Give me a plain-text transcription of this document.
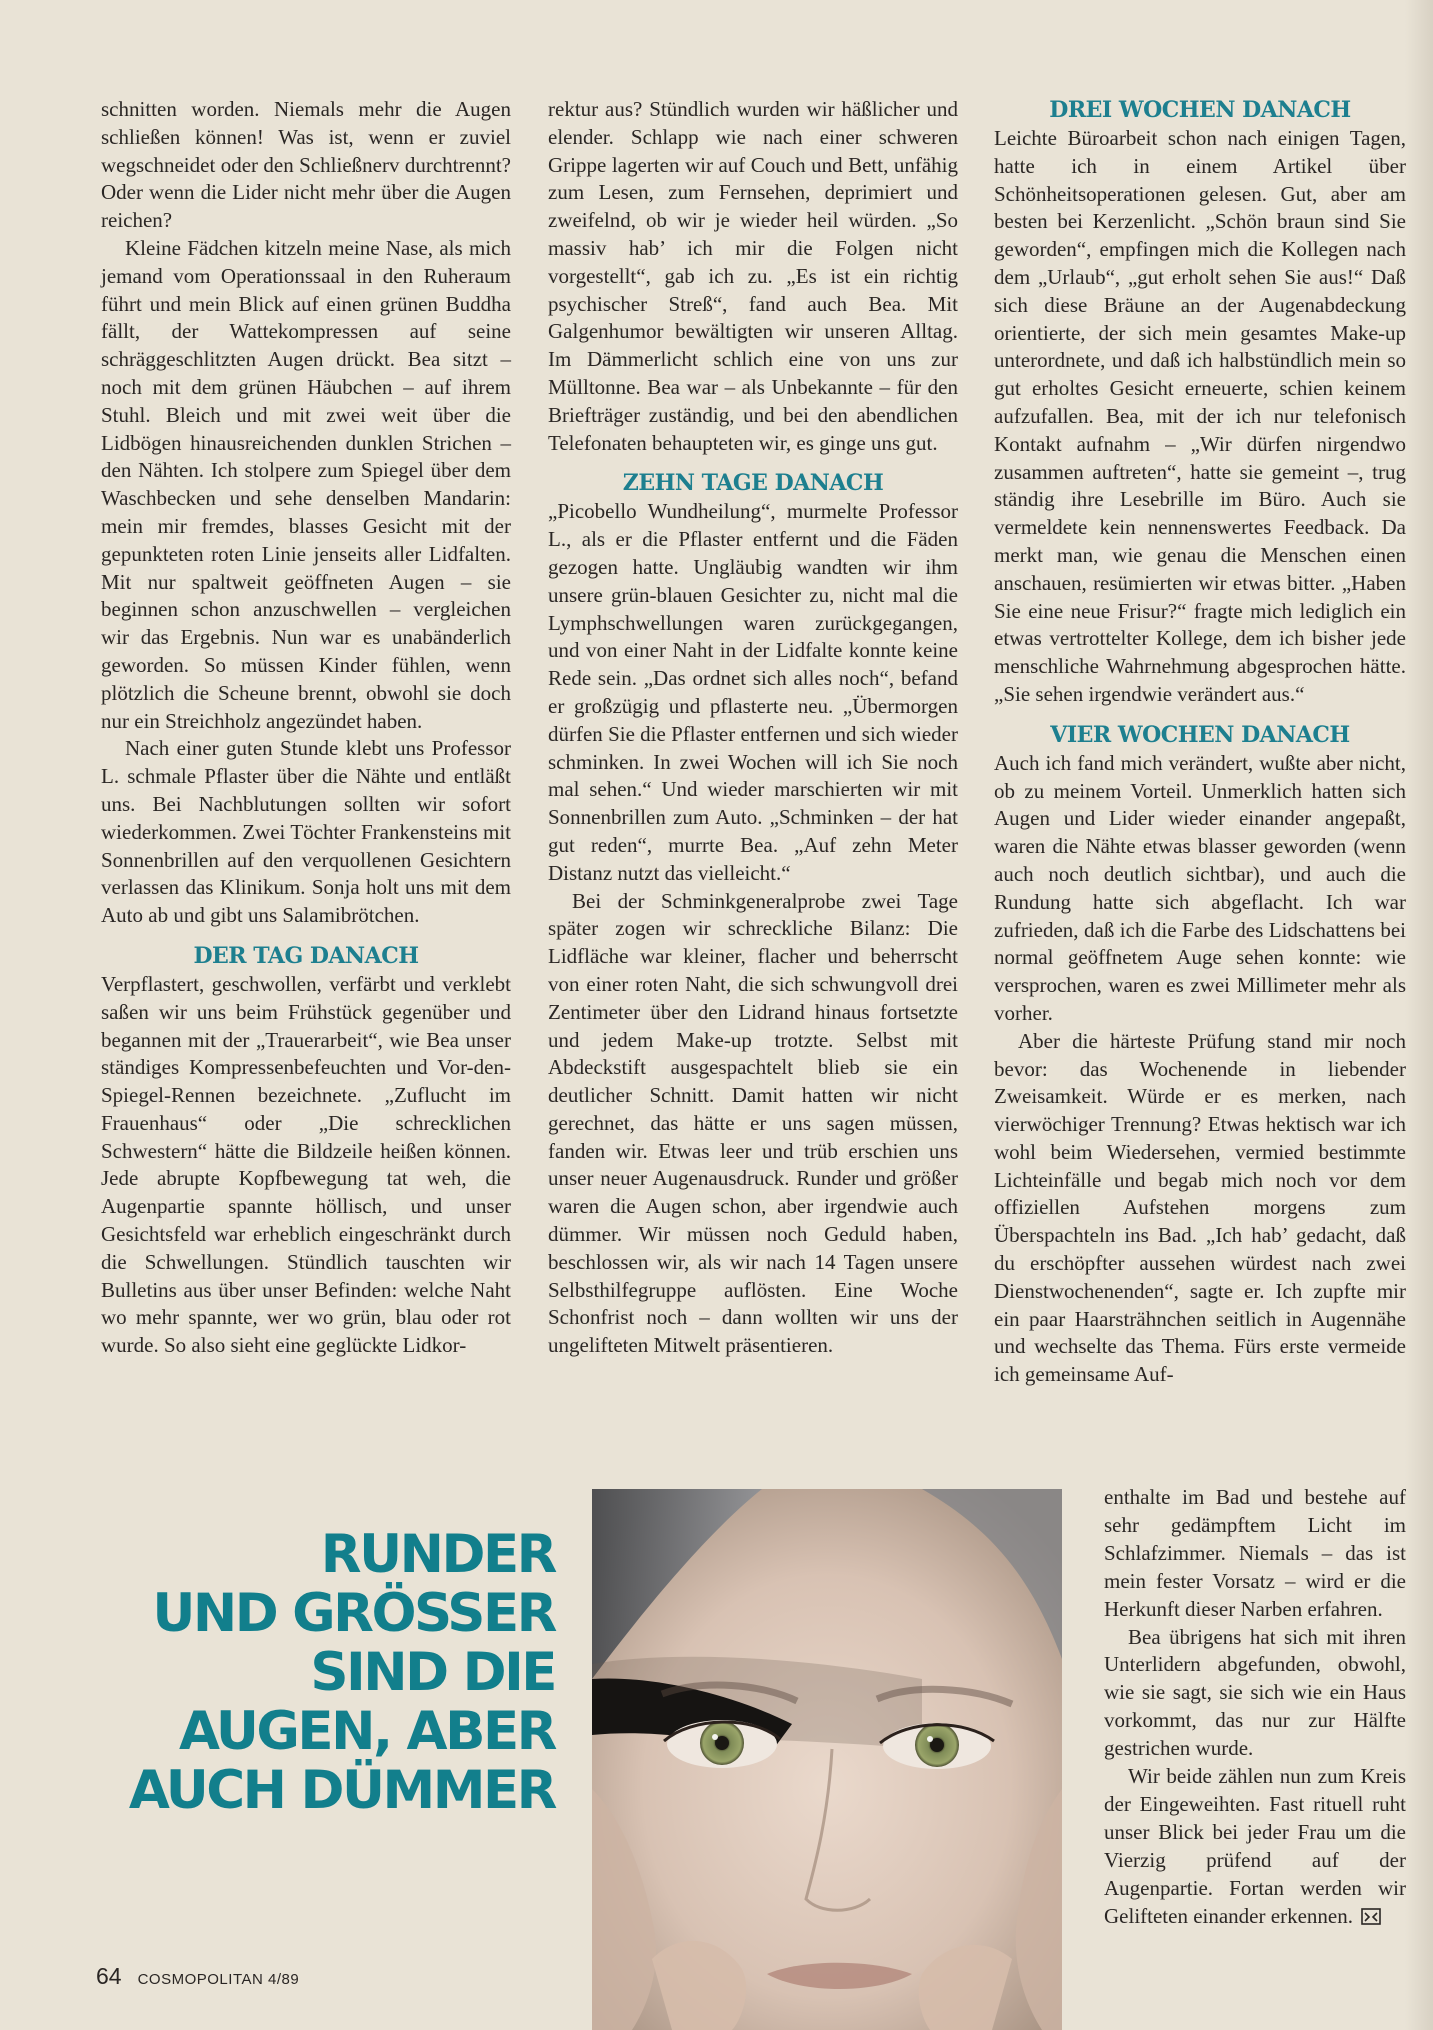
schnitten worden. Niemals mehr die Augen schließen können! Was ist, wenn er zuviel wegschneidet oder den Schließnerv durchtrennt? Oder wenn die Lider nicht mehr über die Augen reichen?

Kleine Fädchen kitzeln meine Nase, als mich jemand vom Operationssaal in den Ruheraum führt und mein Blick auf einen grünen Buddha fällt, der Wattekompressen auf seine schräggeschlitzten Augen drückt. Bea sitzt – noch mit dem grünen Häubchen – auf ihrem Stuhl. Bleich und mit zwei weit über die Lidbögen hinausreichenden dunklen Strichen – den Nähten. Ich stolpere zum Spiegel über dem Waschbecken und sehe denselben Mandarin: mein mir fremdes, blasses Gesicht mit der gepunkteten roten Linie jenseits aller Lidfalten. Mit nur spaltweit geöffneten Augen – sie beginnen schon anzuschwellen – vergleichen wir das Ergebnis. Nun war es unabänderlich geworden. So müssen Kinder fühlen, wenn plötzlich die Scheune brennt, obwohl sie doch nur ein Streichholz angezündet haben.

Nach einer guten Stunde klebt uns Professor L. schmale Pflaster über die Nähte und entläßt uns. Bei Nachblutungen sollten wir sofort wiederkommen. Zwei Töchter Frankensteins mit Sonnenbrillen auf den verquollenen Gesichtern verlassen das Klinikum. Sonja holt uns mit dem Auto ab und gibt uns Salamibrötchen.

DER TAG DANACH

Verpflastert, geschwollen, verfärbt und verklebt saßen wir uns beim Frühstück gegenüber und begannen mit der „Trauerarbeit“, wie Bea unser ständiges Kompressenbefeuchten und Vor-den-Spiegel-Rennen bezeichnete. „Zuflucht im Frauenhaus“ oder „Die schrecklichen Schwestern“ hätte die Bildzeile heißen können. Jede abrupte Kopfbewegung tat weh, die Augenpartie spannte höllisch, und unser Gesichtsfeld war erheblich eingeschränkt durch die Schwellungen. Stündlich tauschten wir Bulletins aus über unser Befinden: welche Naht wo mehr spannte, wer wo grün, blau oder rot wurde. So also sieht eine geglückte Lidkor-

rektur aus? Stündlich wurden wir häßlicher und elender. Schlapp wie nach einer schweren Grippe lagerten wir auf Couch und Bett, unfähig zum Lesen, zum Fernsehen, deprimiert und zweifelnd, ob wir je wieder heil würden. „So massiv hab’ ich mir die Folgen nicht vorgestellt“, gab ich zu. „Es ist ein richtig psychischer Streß“, fand auch Bea. Mit Galgenhumor bewältigten wir unseren Alltag. Im Dämmerlicht schlich eine von uns zur Mülltonne. Bea war – als Unbekannte – für den Briefträger zuständig, und bei den abendlichen Telefonaten behaupteten wir, es ginge uns gut.

ZEHN TAGE DANACH

„Picobello Wundheilung“, murmelte Professor L., als er die Pflaster entfernt und die Fäden gezogen hatte. Ungläubig wandten wir ihm unsere grün-blauen Gesichter zu, nicht mal die Lymphschwellungen waren zurückgegangen, und von einer Naht in der Lidfalte konnte keine Rede sein. „Das ordnet sich alles noch“, befand er großzügig und pflasterte neu. „Übermorgen dürfen Sie die Pflaster entfernen und sich wieder schminken. In zwei Wochen will ich Sie noch mal sehen.“ Und wieder marschierten wir mit Sonnenbrillen zum Auto. „Schminken – der hat gut reden“, murrte Bea. „Auf zehn Meter Distanz nutzt das vielleicht.“

Bei der Schminkgeneralprobe zwei Tage später zogen wir schreckliche Bilanz: Die Lidfläche war kleiner, flacher und beherrscht von einer roten Naht, die sich schwungvoll drei Zentimeter über den Lidrand hinaus fortsetzte und jedem Make-up trotzte. Selbst mit Abdeckstift ausgespachtelt blieb sie ein deutlicher Schnitt. Damit hatten wir nicht gerechnet, das hätte er uns sagen müssen, fanden wir. Etwas leer und trüb erschien uns unser neuer Augenausdruck. Runder und größer waren die Augen schon, aber irgendwie auch dümmer. Wir müssen noch Geduld haben, beschlossen wir, als wir nach 14 Tagen unsere Selbsthilfegruppe auflösten. Eine Woche Schonfrist noch – dann wollten wir uns der ungelifteten Mitwelt präsentieren.

DREI WOCHEN DANACH

Leichte Büroarbeit schon nach einigen Tagen, hatte ich in einem Artikel über Schönheitsoperationen gelesen. Gut, aber am besten bei Kerzenlicht. „Schön braun sind Sie geworden“, empfingen mich die Kollegen nach dem „Urlaub“, „gut erholt sehen Sie aus!“ Daß sich diese Bräune an der Augenabdeckung orientierte, der sich mein gesamtes Make-up unterordnete, und daß ich halbstündlich mein so gut erholtes Gesicht erneuerte, schien keinem aufzufallen. Bea, mit der ich nur telefonisch Kontakt aufnahm – „Wir dürfen nirgendwo zusammen auftreten“, hatte sie gemeint –, trug ständig ihre Lesebrille im Büro. Auch sie vermeldete kein nennenswertes Feedback. Da merkt man, wie genau die Menschen einen anschauen, resümierten wir etwas bitter. „Haben Sie eine neue Frisur?“ fragte mich lediglich ein etwas vertrottelter Kollege, dem ich bisher jede menschliche Wahrnehmung abgesprochen hätte. „Sie sehen irgendwie verändert aus.“

VIER WOCHEN DANACH

Auch ich fand mich verändert, wußte aber nicht, ob zu meinem Vorteil. Unmerklich hatten sich Augen und Lider wieder einander angepaßt, waren die Nähte etwas blasser geworden (wenn auch noch deutlich sichtbar), und auch die Rundung hatte sich abgeflacht. Ich war zufrieden, daß ich die Farbe des Lidschattens bei normal geöffnetem Auge sehen konnte: wie versprochen, waren es zwei Millimeter mehr als vorher.

Aber die härteste Prüfung stand mir noch bevor: das Wochenende in liebender Zweisamkeit. Würde er es merken, nach vierwöchiger Trennung? Etwas hektisch war ich wohl beim Wiedersehen, vermied bestimmte Lichteinfälle und begab mich noch vor dem offiziellen Aufstehen morgens zum Überspachteln ins Bad. „Ich hab’ gedacht, daß du erschöpfter aussehen würdest nach zwei Dienstwochenenden“, sagte er. Ich zupfte mir ein paar Haarsträhnchen seitlich in Augennähe und wechselte das Thema. Fürs erste vermeide ich gemeinsame Auf-

enthalte im Bad und bestehe auf sehr gedämpftem Licht im Schlafzimmer. Niemals – das ist mein fester Vorsatz – wird er die Herkunft dieser Narben erfahren.

Bea übrigens hat sich mit ihren Unterlidern abgefunden, obwohl, wie sie sagt, sie sich wie ein Haus vorkommt, das nur zur Hälfte gestrichen wurde.

Wir beide zählen nun zum Kreis der Eingeweihten. Fast rituell ruht unser Blick bei jeder Frau um die Vierzig prüfend auf der Augenpartie. Fortan werden wir Gelifteten einander erkennen.

RUNDER
UND GRÖSSER
SIND DIE
AUGEN, ABER
AUCH DÜMMER
64 COSMOPOLITAN 4/89
